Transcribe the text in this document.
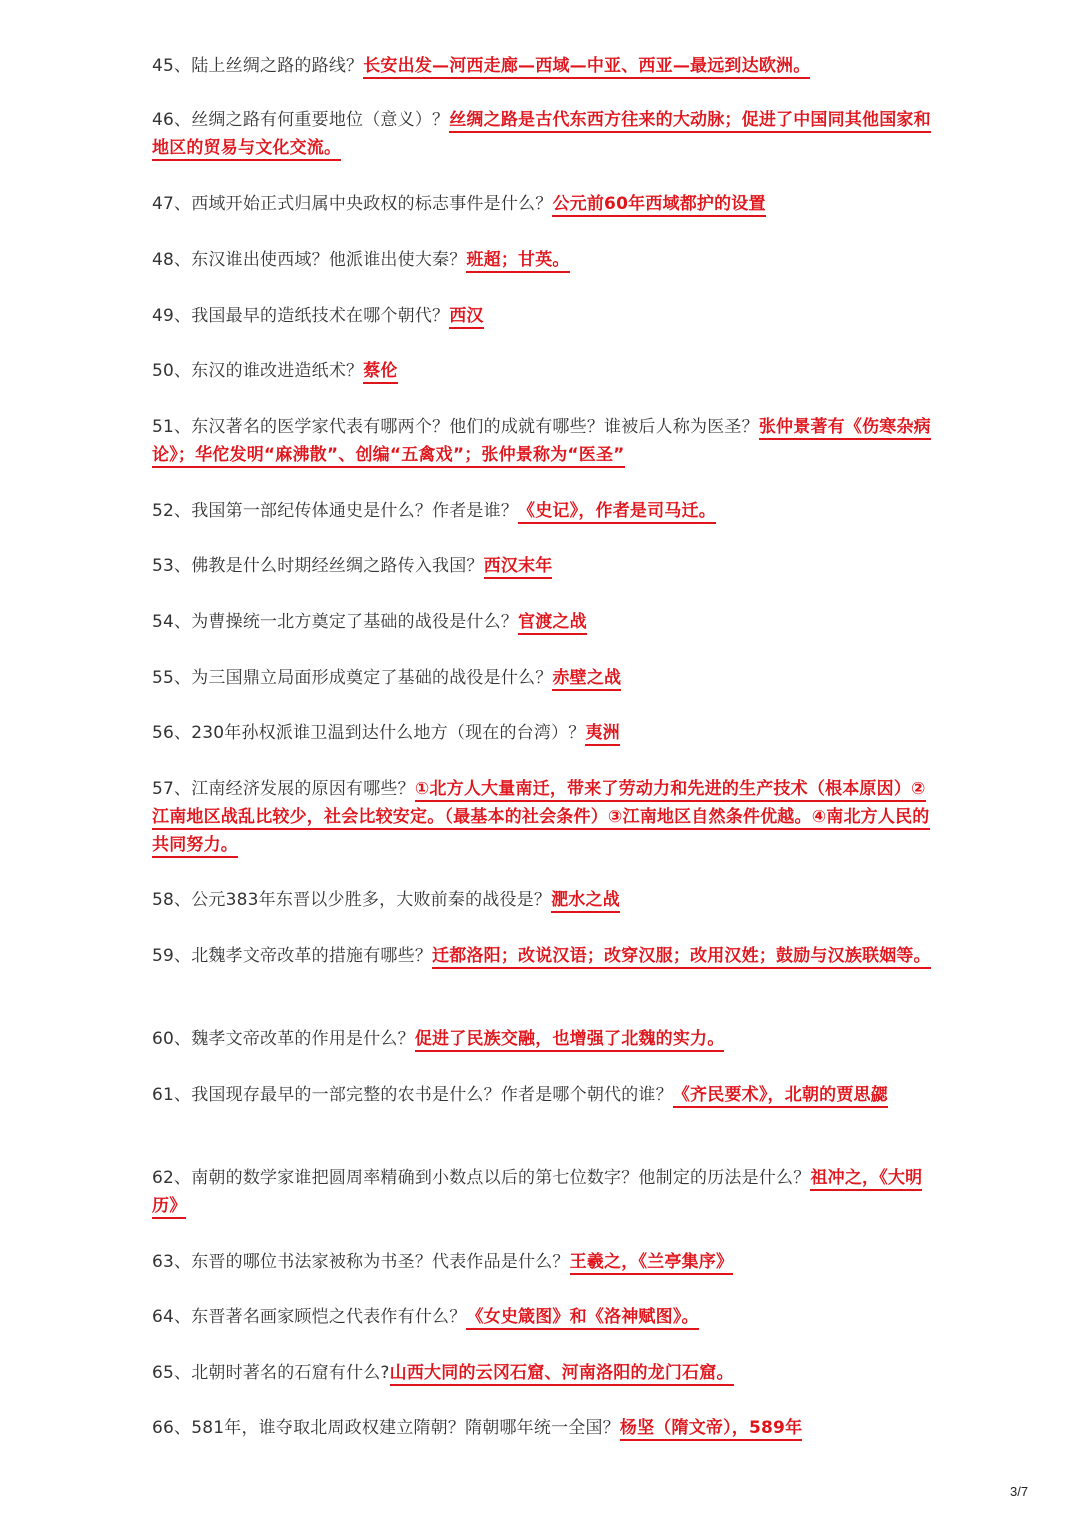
45、陆上丝绸之路的路线？长安出发—河西走廊—西域—中亚、西亚—最远到达欧洲。
46、丝绸之路有何重要地位（意义）？丝绸之路是古代东西方往来的大动脉；促进了中国同其他国家和地区的贸易与文化交流。
47、西域开始正式归属中央政权的标志事件是什么？公元前60年西域都护的设置
48、东汉谁出使西域？他派谁出使大秦？班超；甘英。
49、我国最早的造纸技术在哪个朝代？西汉
50、东汉的谁改进造纸术？蔡伦
51、东汉著名的医学家代表有哪两个？他们的成就有哪些？谁被后人称为医圣？张仲景著有《伤寒杂病论》；华佗发明“麻沸散”、创编“五禽戏”；张仲景称为“医圣”
52、我国第一部纪传体通史是什么？作者是谁？《史记》，作者是司马迁。
53、佛教是什么时期经丝绸之路传入我国？西汉末年
54、为曹操统一北方奠定了基础的战役是什么？官渡之战
55、为三国鼎立局面形成奠定了基础的战役是什么？赤壁之战
56、230年孙权派谁卫温到达什么地方（现在的台湾）？夷洲
57、江南经济发展的原因有哪些？①北方人大量南迁，带来了劳动力和先进的生产技术（根本原因）②江南地区战乱比较少，社会比较安定。（最基本的社会条件）③江南地区自然条件优越。④南北方人民的共同努力。
58、公元383年东晋以少胜多，大败前秦的战役是？淝水之战
59、北魏孝文帝改革的措施有哪些？迁都洛阳；改说汉语；改穿汉服；改用汉姓；鼓励与汉族联姻等。
60、魏孝文帝改革的作用是什么？促进了民族交融，也增强了北魏的实力。
61、我国现存最早的一部完整的农书是什么？作者是哪个朝代的谁？《齐民要术》，北朝的贾思勰
62、南朝的数学家谁把圆周率精确到小数点以后的第七位数字？他制定的历法是什么？祖冲之，《大明历》
63、东晋的哪位书法家被称为书圣？代表作品是什么？王羲之，《兰亭集序》
64、东晋著名画家顾恺之代表作有什么？《女史箴图》和《洛神赋图》。
65、北朝时著名的石窟有什么?山西大同的云冈石窟、河南洛阳的龙门石窟。
66、581年，谁夺取北周政权建立隋朝？隋朝哪年统一全国？杨坚（隋文帝），589年
3/7
